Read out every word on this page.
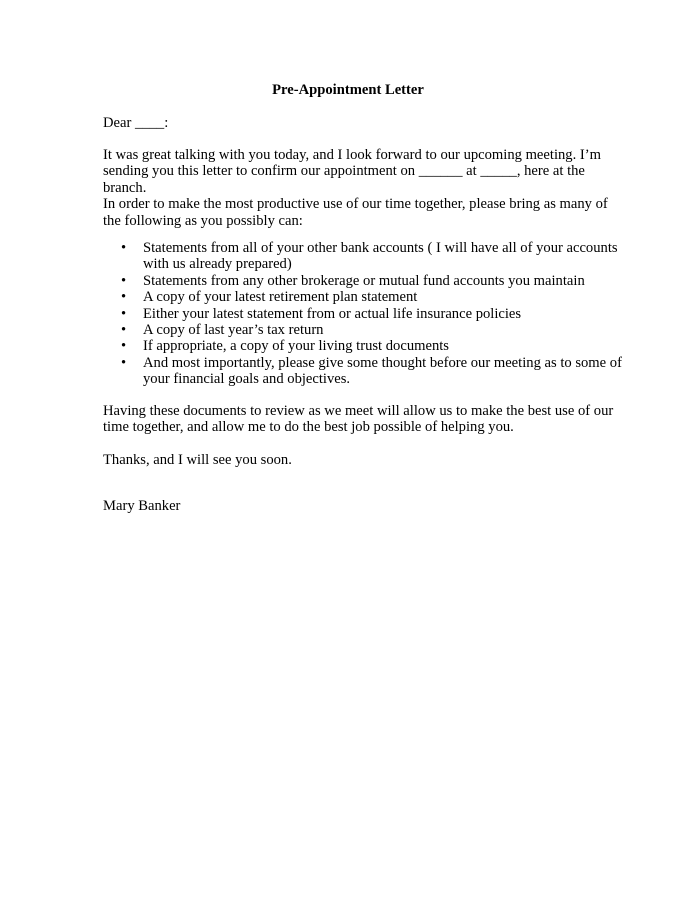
Pre-Appointment Letter
Dear ____:
It was great talking with you today, and I look forward to our upcoming meeting. I’m
sending you this letter to confirm our appointment on ______ at _____, here at the
branch.
In order to make the most productive use of our time together, please bring as many of
the following as you possibly can:
• Statements from all of your other bank accounts ( I will have all of your accounts
with us already prepared)
• Statements from any other brokerage or mutual fund accounts you maintain
• A copy of your latest retirement plan statement
• Either your latest statement from or actual life insurance policies
• A copy of last year’s tax return
• If appropriate, a copy of your living trust documents
• And most importantly, please give some thought before our meeting as to some of
your financial goals and objectives.
Having these documents to review as we meet will allow us to make the best use of our
time together, and allow me to do the best job possible of helping you.
Thanks, and I will see you soon.
Mary Banker
